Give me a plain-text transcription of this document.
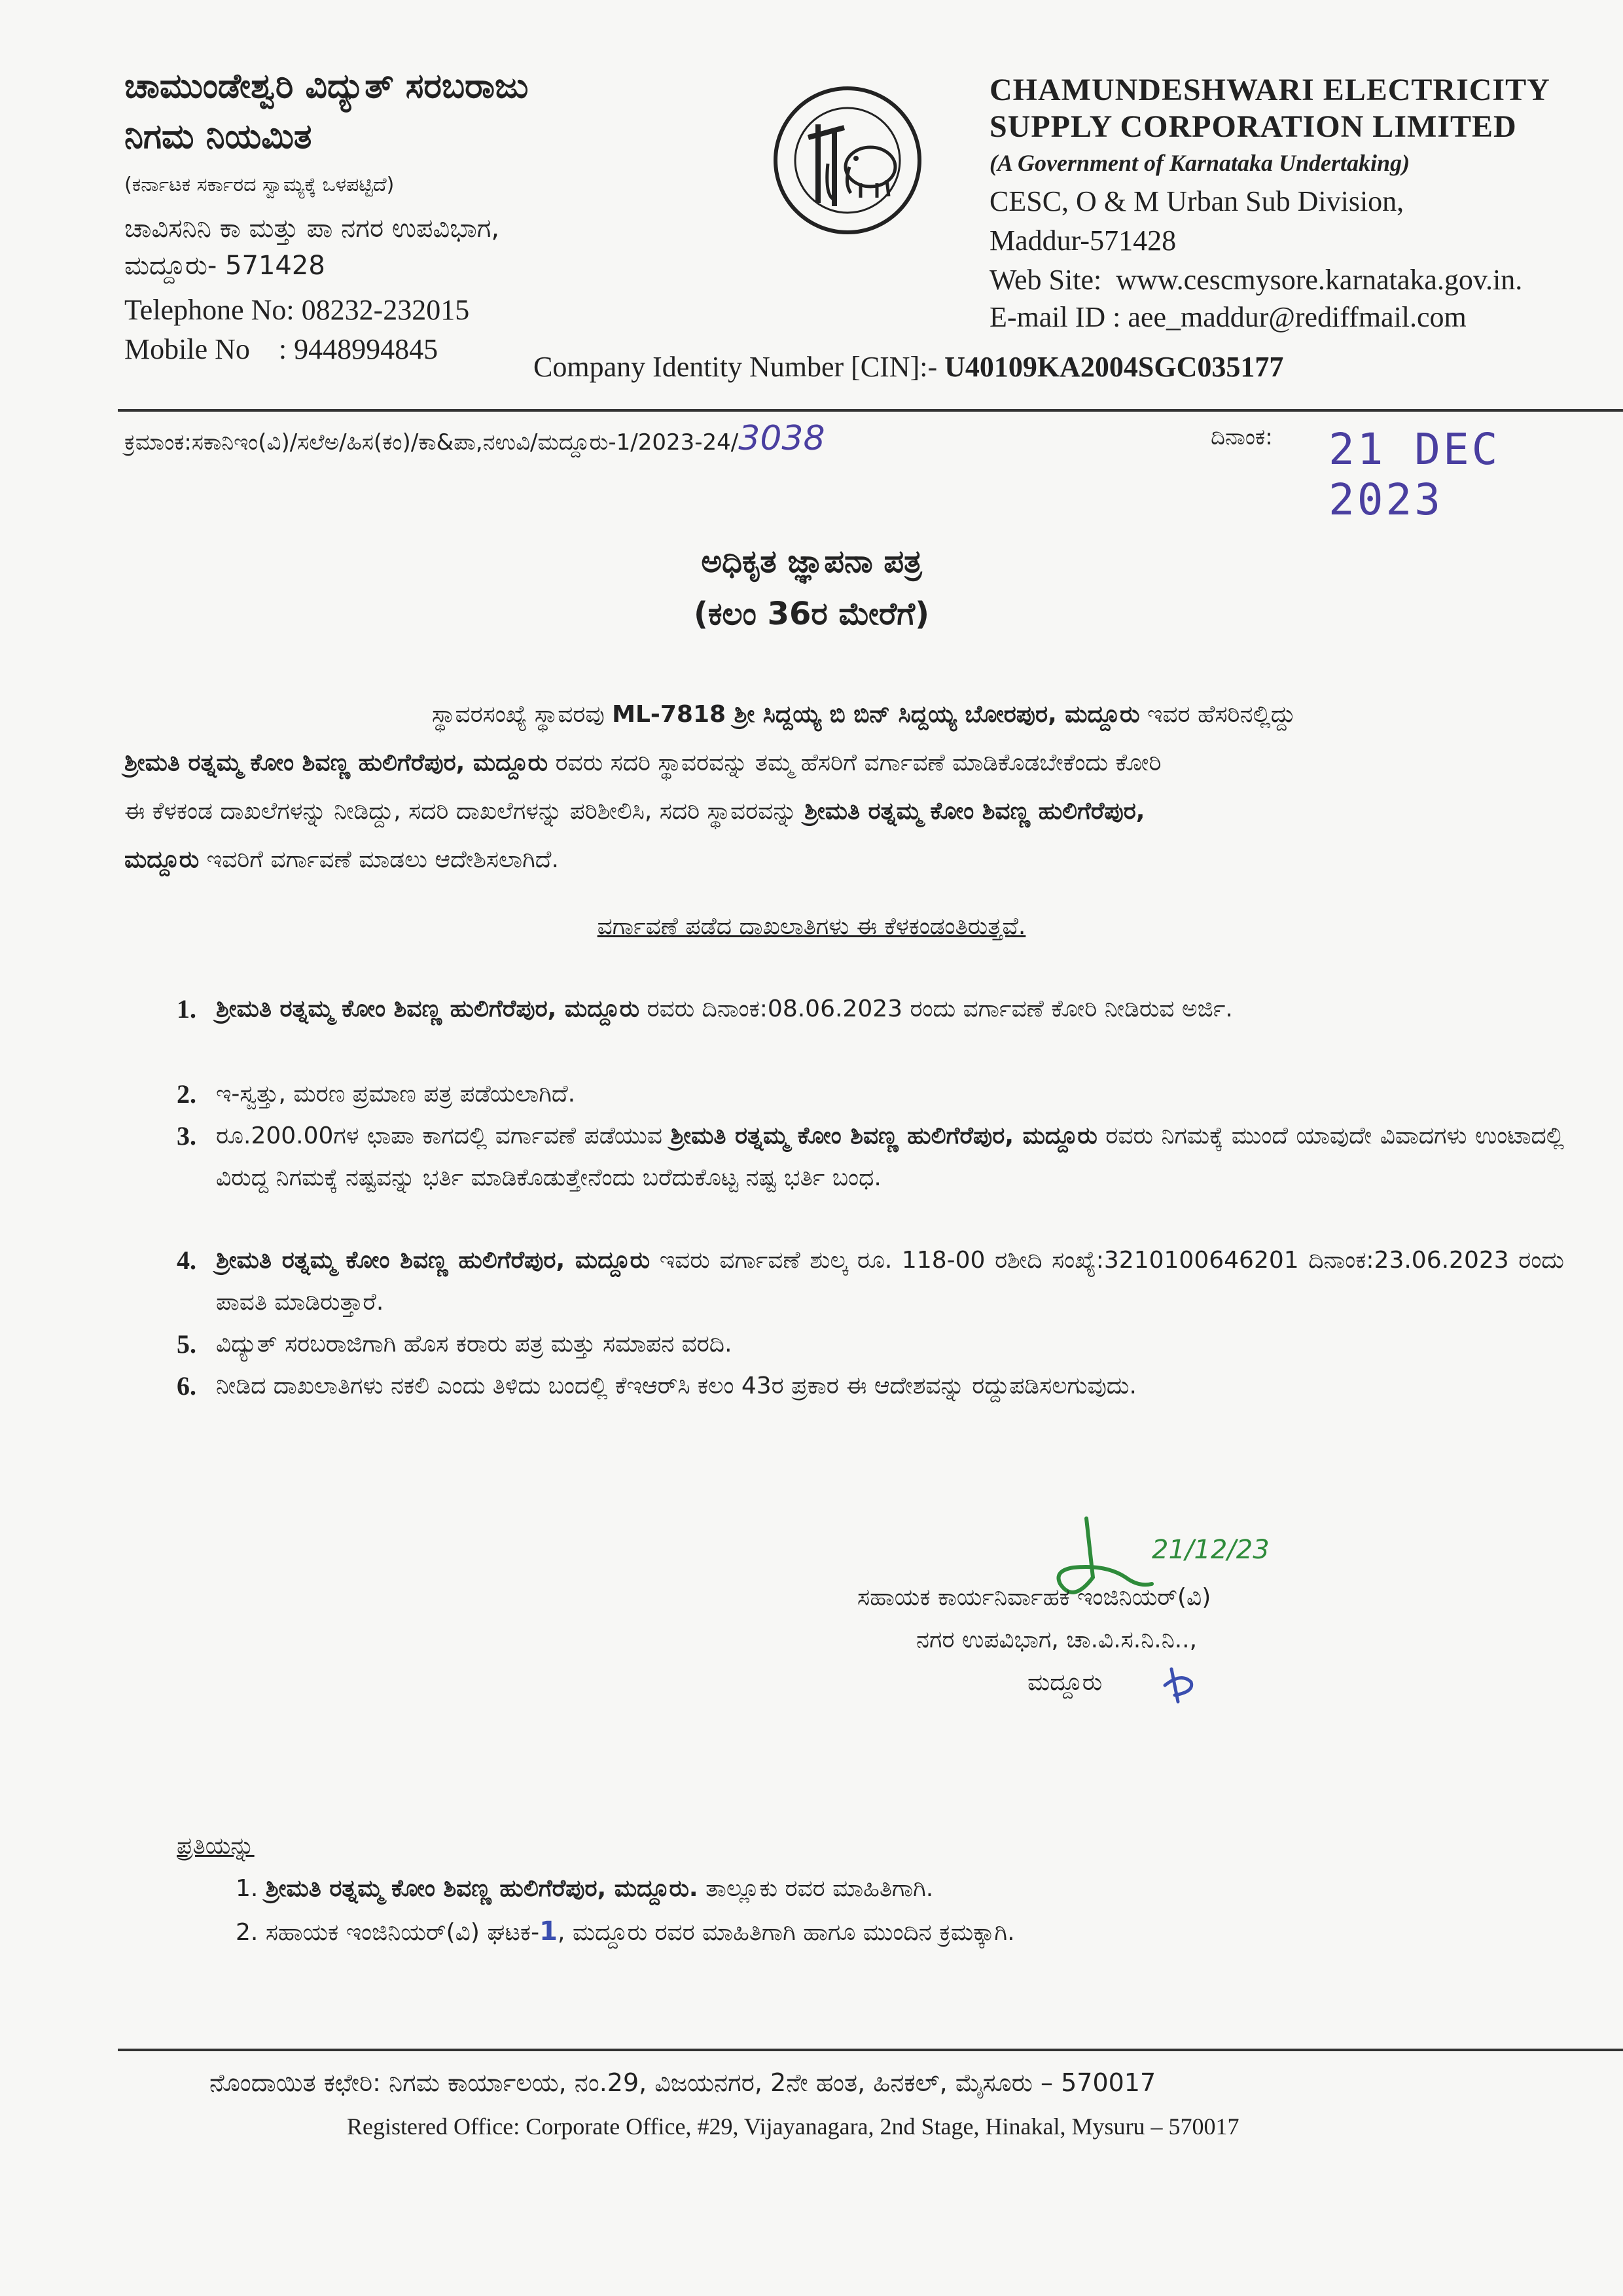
ಚಾಮುಂಡೇಶ್ವರಿ ವಿದ್ಯುತ್ ಸರಬರಾಜು
ನಿಗಮ ನಿಯಮಿತ
(ಕರ್ನಾಟಕ ಸರ್ಕಾರದ ಸ್ವಾಮ್ಯಕ್ಕೆ ಒಳಪಟ್ಟಿದೆ)
ಚಾವಿಸನಿನಿ ಕಾ ಮತ್ತು ಪಾ ನಗರ ಉಪವಿಭಾಗ,
ಮದ್ದೂರು- 571428
Telephone No: 08232-232015
Mobile No    : 9448994845
CHAMUNDESHWARI ELECTRICITY
SUPPLY CORPORATION LIMITED
(A Government of Karnataka Undertaking)
CESC, O & M Urban Sub Division,
Maddur-571428
Web Site:  www.cescmysore.karnataka.gov.in.
E-mail ID : aee_maddur@rediffmail.com
Company Identity Number [CIN]:- U40109KA2004SGC035177
ಕ್ರಮಾಂಕ:ಸಕಾನಿಇಂ(ವಿ)/ಸಲೆಅ/ಹಿಸ(ಕಂ)/ಕಾ&ಪಾ,ನಉವಿ/ಮದ್ದೂರು-1/2023-24/3038	ದಿನಾಂಕ: 21 DEC 2023
ಅಧಿಕೃತ ಜ್ಞಾಪನಾ ಪತ್ರ
(ಕಲಂ 36ರ ಮೇರೆಗೆ)
ಸ್ಥಾವರಸಂಖ್ಯೆ ಸ್ಥಾವರವು ML-7818 ಶ್ರೀ ಸಿದ್ದಯ್ಯ ಬಿ ಬಿನ್ ಸಿದ್ದಯ್ಯ ಬೋರಪುರ, ಮದ್ದೂರು ಇವರ ಹೆಸರಿನಲ್ಲಿದ್ದು
ಶ್ರೀಮತಿ ರತ್ನಮ್ಮ ಕೋಂ ಶಿವಣ್ಣ ಹುಲಿಗೆರೆಪುರ, ಮದ್ದೂರು ರವರು ಸದರಿ ಸ್ಥಾವರವನ್ನು ತಮ್ಮ ಹೆಸರಿಗೆ ವರ್ಗಾವಣೆ ಮಾಡಿಕೊಡಬೇಕೆಂದು ಕೋರಿ
ಈ ಕೆಳಕಂಡ ದಾಖಲೆಗಳನ್ನು ನೀಡಿದ್ದು, ಸದರಿ ದಾಖಲೆಗಳನ್ನು ಪರಿಶೀಲಿಸಿ, ಸದರಿ ಸ್ಥಾವರವನ್ನು ಶ್ರೀಮತಿ ರತ್ನಮ್ಮ ಕೋಂ ಶಿವಣ್ಣ ಹುಲಿಗೆರೆಪುರ,
ಮದ್ದೂರು ಇವರಿಗೆ ವರ್ಗಾವಣೆ ಮಾಡಲು ಆದೇಶಿಸಲಾಗಿದೆ.
ವರ್ಗಾವಣೆ ಪಡೆದ ದಾಖಲಾತಿಗಳು ಈ ಕೆಳಕಂಡಂತಿರುತ್ತವೆ.
1. ಶ್ರೀಮತಿ ರತ್ನಮ್ಮ ಕೋಂ ಶಿವಣ್ಣ ಹುಲಿಗೆರೆಪುರ, ಮದ್ದೂರು ರವರು ದಿನಾಂಕ:08.06.2023 ರಂದು ವರ್ಗಾವಣೆ ಕೋರಿ ನೀಡಿರುವ ಅರ್ಜಿ.
2. ಇ-ಸ್ವತ್ತು, ಮರಣ ಪ್ರಮಾಣ ಪತ್ರ ಪಡೆಯಲಾಗಿದೆ.
3. ರೂ.200.00ಗಳ ಛಾಪಾ ಕಾಗದಲ್ಲಿ ವರ್ಗಾವಣೆ ಪಡೆಯುವ ಶ್ರೀಮತಿ ರತ್ನಮ್ಮ ಕೋಂ ಶಿವಣ್ಣ ಹುಲಿಗೆರೆಪುರ, ಮದ್ದೂರು ರವರು ನಿಗಮಕ್ಕೆ ಮುಂದೆ ಯಾವುದೇ ವಿವಾದಗಳು ಉಂಟಾದಲ್ಲಿ ವಿರುದ್ದ ನಿಗಮಕ್ಕೆ ನಷ್ಟವನ್ನು ಭರ್ತಿ ಮಾಡಿಕೊಡುತ್ತೇನೆಂದು ಬರೆದುಕೊಟ್ಟ ನಷ್ಟ ಭರ್ತಿ ಬಂಧ.
4. ಶ್ರೀಮತಿ ರತ್ನಮ್ಮ ಕೋಂ ಶಿವಣ್ಣ ಹುಲಿಗೆರೆಪುರ, ಮದ್ದೂರು ಇವರು ವರ್ಗಾವಣೆ ಶುಲ್ಕ ರೂ. 118-00 ರಶೀದಿ ಸಂಖ್ಯೆ:3210100646201 ದಿನಾಂಕ:23.06.2023 ರಂದು ಪಾವತಿ ಮಾಡಿರುತ್ತಾರೆ.
5. ವಿದ್ಯುತ್ ಸರಬರಾಜಿಗಾಗಿ ಹೊಸ ಕರಾರು ಪತ್ರ ಮತ್ತು ಸಮಾಪನ ವರದಿ.
6. ನೀಡಿದ ದಾಖಲಾತಿಗಳು ನಕಲಿ ಎಂದು ತಿಳಿದು ಬಂದಲ್ಲಿ ಕೆಇಆರ್‌ಸಿ ಕಲಂ 43ರ ಪ್ರಕಾರ ಈ ಆದೇಶವನ್ನು ರದ್ದುಪಡಿಸಲಗುವುದು.
21/12/23
ಸಹಾಯಕ ಕಾರ್ಯನಿರ್ವಾಹಕ ಇಂಜಿನಿಯರ್(ವಿ)
ನಗರ ಉಪವಿಭಾಗ, ಚಾ.ವಿ.ಸ.ನಿ.ನಿ..,
ಮದ್ದೂರು
ಪ್ರತಿಯನ್ನು
1. ಶ್ರೀಮತಿ ರತ್ನಮ್ಮ ಕೋಂ ಶಿವಣ್ಣ ಹುಲಿಗೆರೆಪುರ, ಮದ್ದೂರು. ತಾಲ್ಲೂಕು ರವರ ಮಾಹಿತಿಗಾಗಿ.
2. ಸಹಾಯಕ ಇಂಜಿನಿಯರ್(ವಿ) ಘಟಕ-1, ಮದ್ದೂರು ರವರ ಮಾಹಿತಿಗಾಗಿ ಹಾಗೂ ಮುಂದಿನ ಕ್ರಮಕ್ಕಾಗಿ.
ನೊಂದಾಯಿತ ಕಛೇರಿ: ನಿಗಮ ಕಾರ್ಯಾಲಯ, ನಂ.29, ವಿಜಯನಗರ, 2ನೇ ಹಂತ, ಹಿನಕಲ್, ಮೈಸೂರು – 570017
Registered Office: Corporate Office, #29, Vijayanagara, 2nd Stage, Hinakal, Mysuru – 570017
